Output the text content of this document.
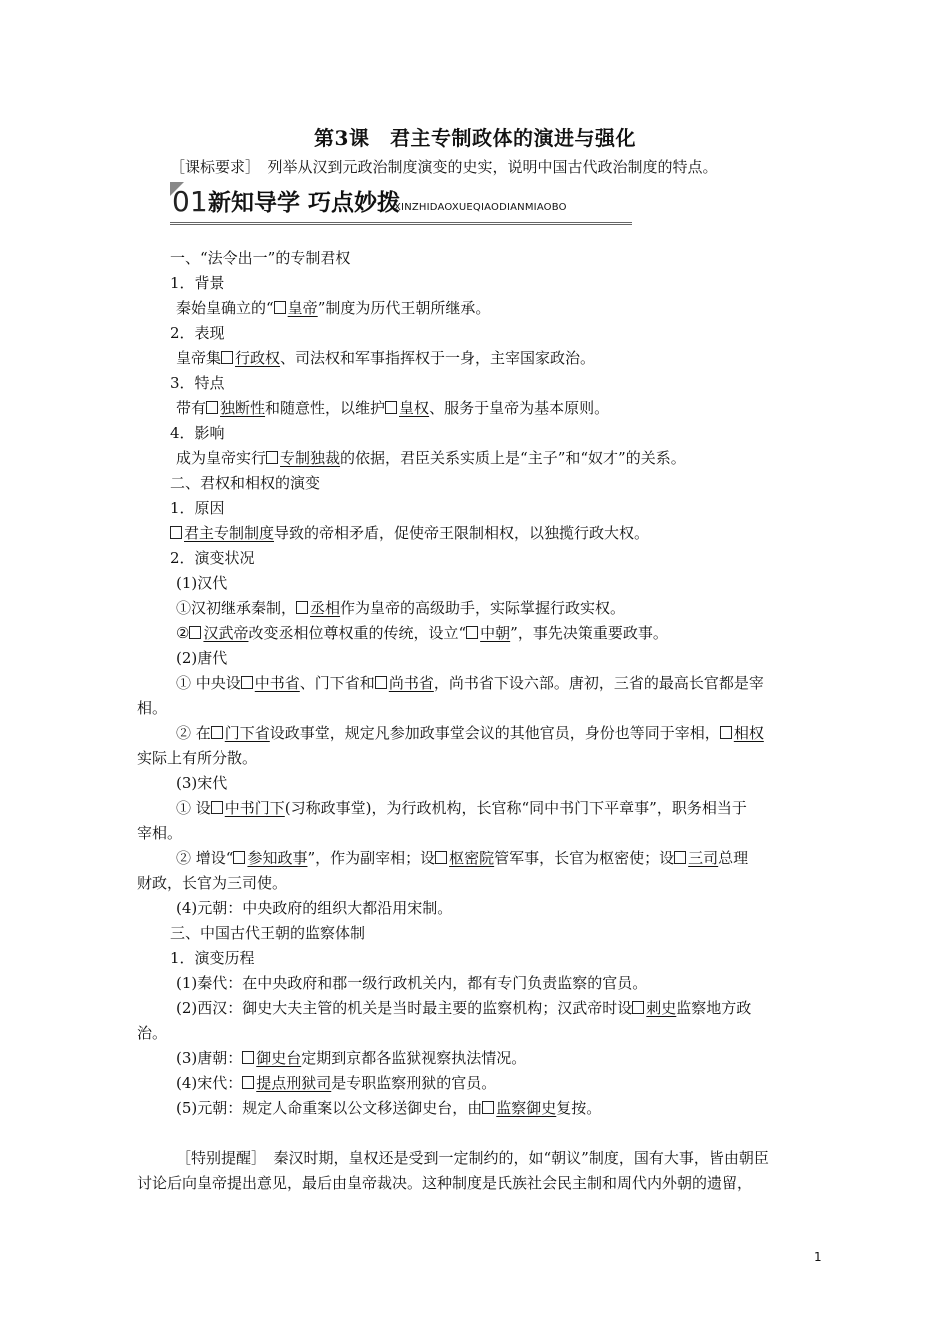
第3课　君主专制政体的演进与强化
［课标要求］　列举从汉到元政治制度演变的史实，说明中国古代政治制度的特点。
01 新知导学 巧点妙拨
XINZHIDAOXUEQIAODIANMIAOBO
一、“法令出一”的专制君权
1．背景
秦始皇确立的“ 皇帝”制度为历代王朝所继承。
2．表现
皇帝集 行政权、司法权和军事指挥权于一身，主宰国家政治。
3．特点
带有 独断性和随意性，以维护 皇权、服务于皇帝为基本原则。
4．影响
成为皇帝实行 专制独裁的依据，君臣关系实质上是“主子”和“奴才”的关系。
二、君权和相权的演变
1．原因
君主专制制度导致的帝相矛盾，促使帝王限制相权，以独揽行政大权。
2．演变状况
(1)汉代
①汉初继承秦制， 丞相作为皇帝的高级助手，实际掌握行政实权。
② 汉武帝改变丞相位尊权重的传统，设立“ 中朝”，事先决策重要政事。
(2)唐代
① 中央设 中书省、门下省和 尚书省，尚书省下设六部。唐初，三省的最高长官都是宰
相。
② 在 门下省设政事堂，规定凡参加政事堂会议的其他官员，身份也等同于宰相， 相权
实际上有所分散。
(3)宋代
① 设 中书门下(习称政事堂)，为行政机构，长官称“同中书门下平章事”，职务相当于
宰相。
② 增设“ 参知政事”，作为副宰相；设 枢密院管军事，长官为枢密使；设 三司总理
财政，长官为三司使。
(4)元朝：中央政府的组织大都沿用宋制。
三、中国古代王朝的监察体制
1．演变历程
(1)秦代：在中央政府和郡一级行政机关内，都有专门负责监察的官员。
(2)西汉：御史大夫主管的机关是当时最主要的监察机构；汉武帝时设 刺史监察地方政
治。
(3)唐朝： 御史台定期到京都各监狱视察执法情况。
(4)宋代： 提点刑狱司是专职监察刑狱的官员。
(5)元朝：规定人命重案以公文移送御史台，由 监察御史复按。
［特别提醒］　秦汉时期，皇权还是受到一定制约的，如“朝议”制度，国有大事，皆由朝臣
讨论后向皇帝提出意见，最后由皇帝裁决。这种制度是氏族社会民主制和周代内外朝的遗留，
1
